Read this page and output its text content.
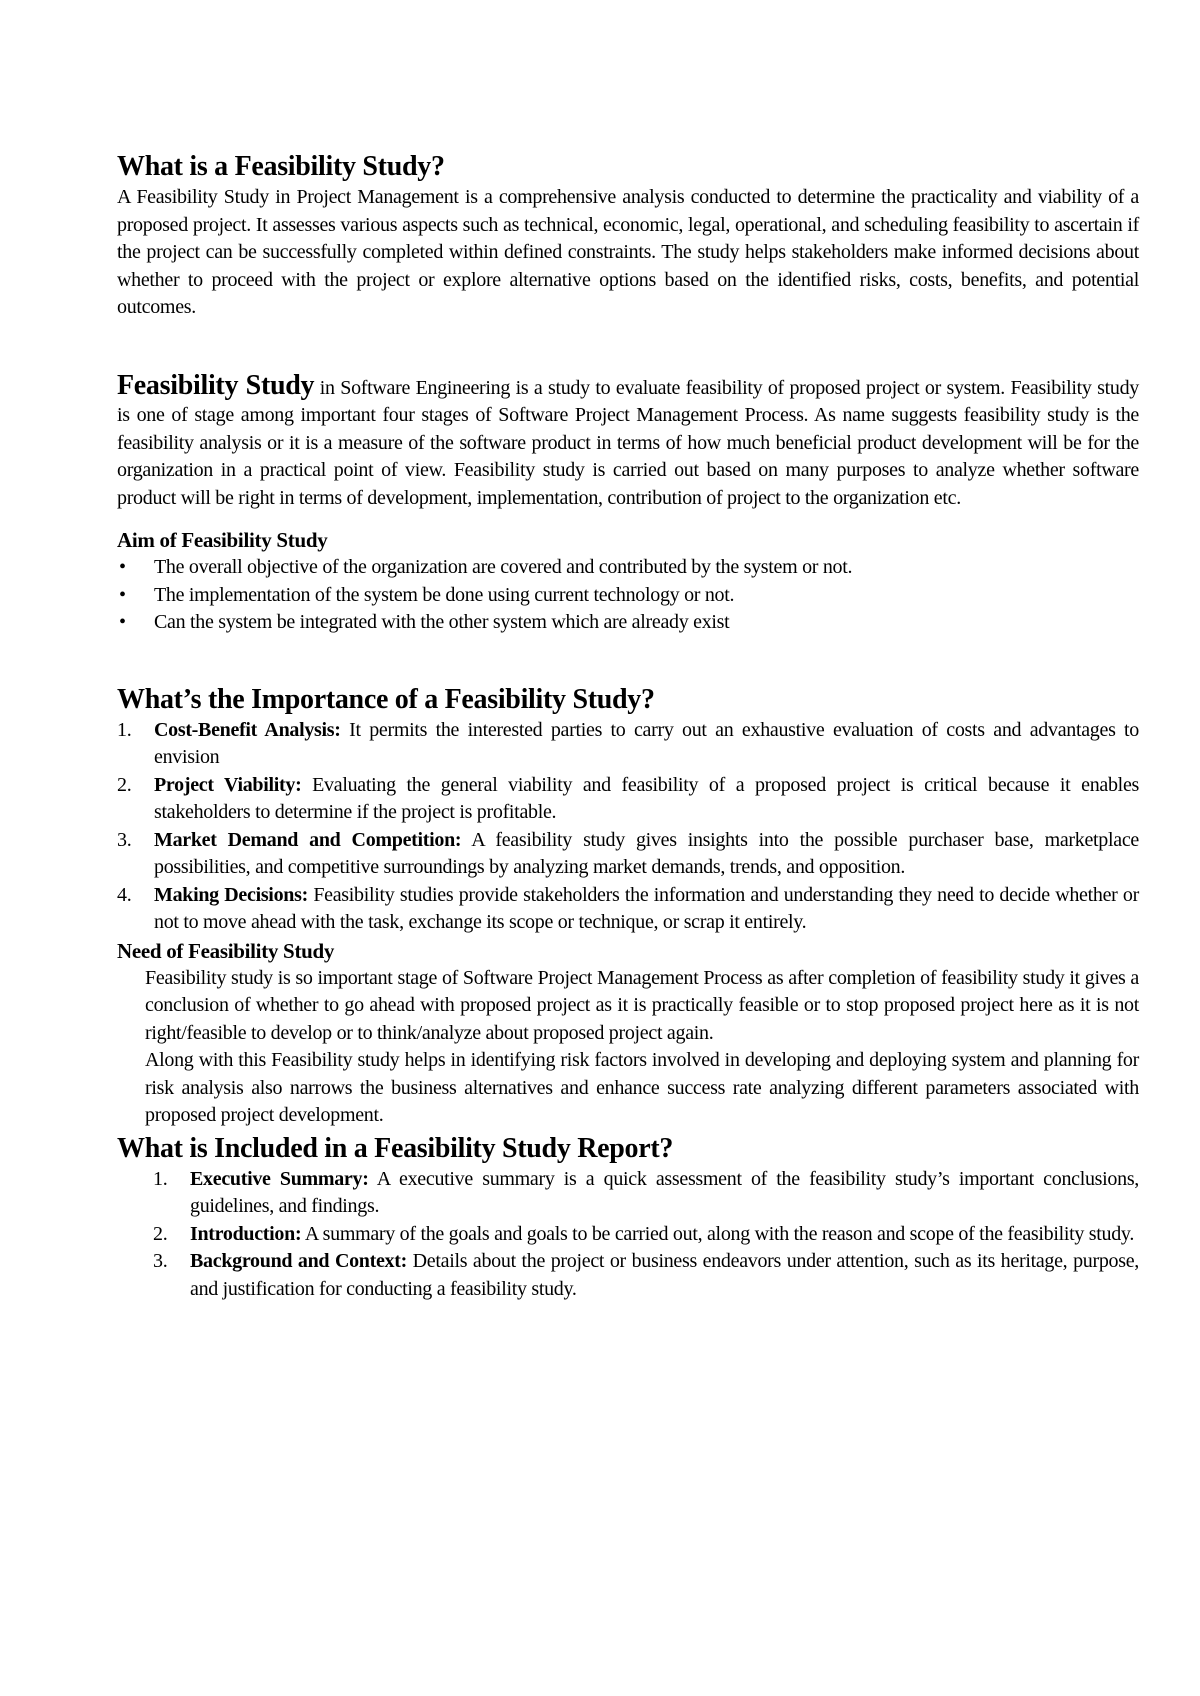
What is a Feasibility Study?

A Feasibility Study in Project Management is a comprehensive analysis conducted to determine the practicality and viability of a proposed project. It assesses various aspects such as technical, economic, legal, operational, and scheduling feasibility to ascertain if the project can be successfully completed within defined constraints. The study helps stakeholders make informed decisions about whether to proceed with the project or explore alternative options based on the identified risks, costs, benefits, and potential outcomes.

Feasibility Study in Software Engineering is a study to evaluate feasibility of proposed project or system. Feasibility study is one of stage among important four stages of Software Project Management Process. As name suggests feasibility study is the feasibility analysis or it is a measure of the software product in terms of how much beneficial product development will be for the organization in a practical point of view. Feasibility study is carried out based on many purposes to analyze whether software product will be right in terms of development, implementation, contribution of project to the organization etc.

Aim of Feasibility Study
• The overall objective of the organization are covered and contributed by the system or not.
• The implementation of the system be done using current technology or not.
• Can the system be integrated with the other system which are already exist
What’s the Importance of a Feasibility Study?
1. Cost-Benefit Analysis: It permits the interested parties to carry out an exhaustive evaluation of costs and advantages to envision
2. Project Viability: Evaluating the general viability and feasibility of a proposed project is critical because it enables stakeholders to determine if the project is profitable.
3. Market Demand and Competition: A feasibility study gives insights into the possible purchaser base, marketplace possibilities, and competitive surroundings by analyzing market demands, trends, and opposition.
4. Making Decisions: Feasibility studies provide stakeholders the information and understanding they need to decide whether or not to move ahead with the task, exchange its scope or technique, or scrap it entirely.
Need of Feasibility Study

Feasibility study is so important stage of Software Project Management Process as after completion of feasibility study it gives a conclusion of whether to go ahead with proposed project as it is practically feasible or to stop proposed project here as it is not right/feasible to develop or to think/analyze about proposed project again.

Along with this Feasibility study helps in identifying risk factors involved in developing and deploying system and planning for risk analysis also narrows the business alternatives and enhance success rate analyzing different parameters associated with proposed project development.

What is Included in a Feasibility Study Report?
1. Executive Summary: A executive summary is a quick assessment of the feasibility study’s important conclusions, guidelines, and findings.
2. Introduction: A summary of the goals and goals to be carried out, along with the reason and scope of the feasibility study.
3. Background and Context: Details about the project or business endeavors under attention, such as its heritage, purpose, and justification for conducting a feasibility study.
